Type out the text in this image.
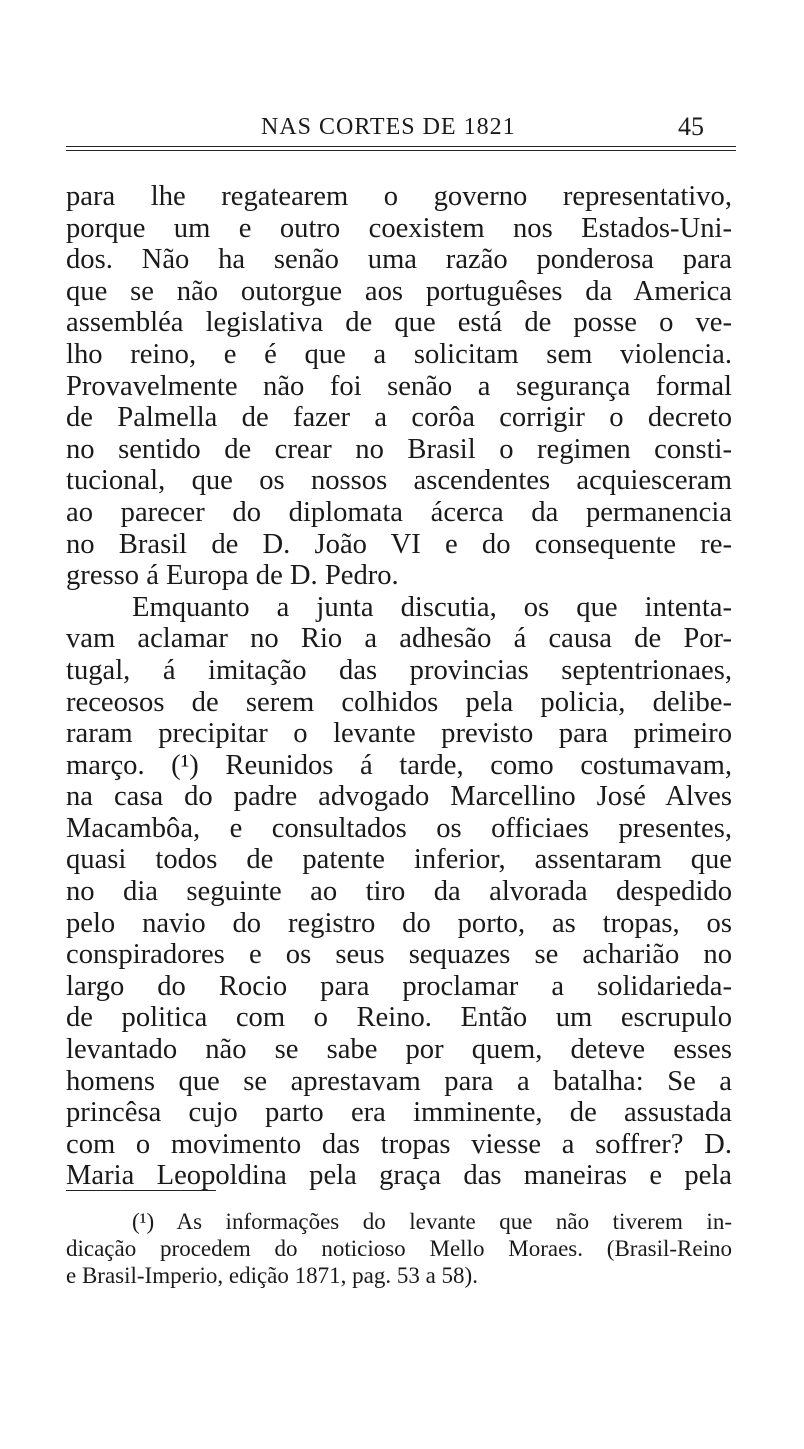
NAS CORTES DE 1821	45
para lhe regatearem o governo representativo,
porque um e outro coexistem nos Estados-Uni-
dos. Não ha senão uma razão ponderosa para
que se não outorgue aos portuguêses da America
assembléa legislativa de que está de posse o ve-
lho reino, e é que a solicitam sem violencia.
Provavelmente não foi senão a segurança formal
de Palmella de fazer a corôa corrigir o decreto
no sentido de crear no Brasil o regimen consti-
tucional, que os nossos ascendentes acquiesceram
ao parecer do diplomata ácerca da permanencia
no Brasil de D. João VI e do consequente re-
gresso á Europa de D. Pedro.
Emquanto a junta discutia, os que intenta-
vam aclamar no Rio a adhesão á causa de Por-
tugal, á imitação das provincias septentrionaes,
receosos de serem colhidos pela policia, delibe-
raram precipitar o levante previsto para primeiro
março. (¹) Reunidos á tarde, como costumavam,
na casa do padre advogado Marcellino José Alves
Macambôa, e consultados os officiaes presentes,
quasi todos de patente inferior, assentaram que
no dia seguinte ao tiro da alvorada despedido
pelo navio do registro do porto, as tropas, os
conspiradores e os seus sequazes se acharião no
largo do Rocio para proclamar a solidarieda-
de politica com o Reino. Então um escrupulo
levantado não se sabe por quem, deteve esses
homens que se aprestavam para a batalha: Se a
princêsa cujo parto era imminente, de assustada
com o movimento das tropas viesse a soffrer? D.
Maria Leopoldina pela graça das maneiras e pela
(¹) As informações do levante que não tiverem in-
dicação procedem do noticioso Mello Moraes. (Brasil-Reino
e Brasil-Imperio, edição 1871, pag. 53 a 58).
